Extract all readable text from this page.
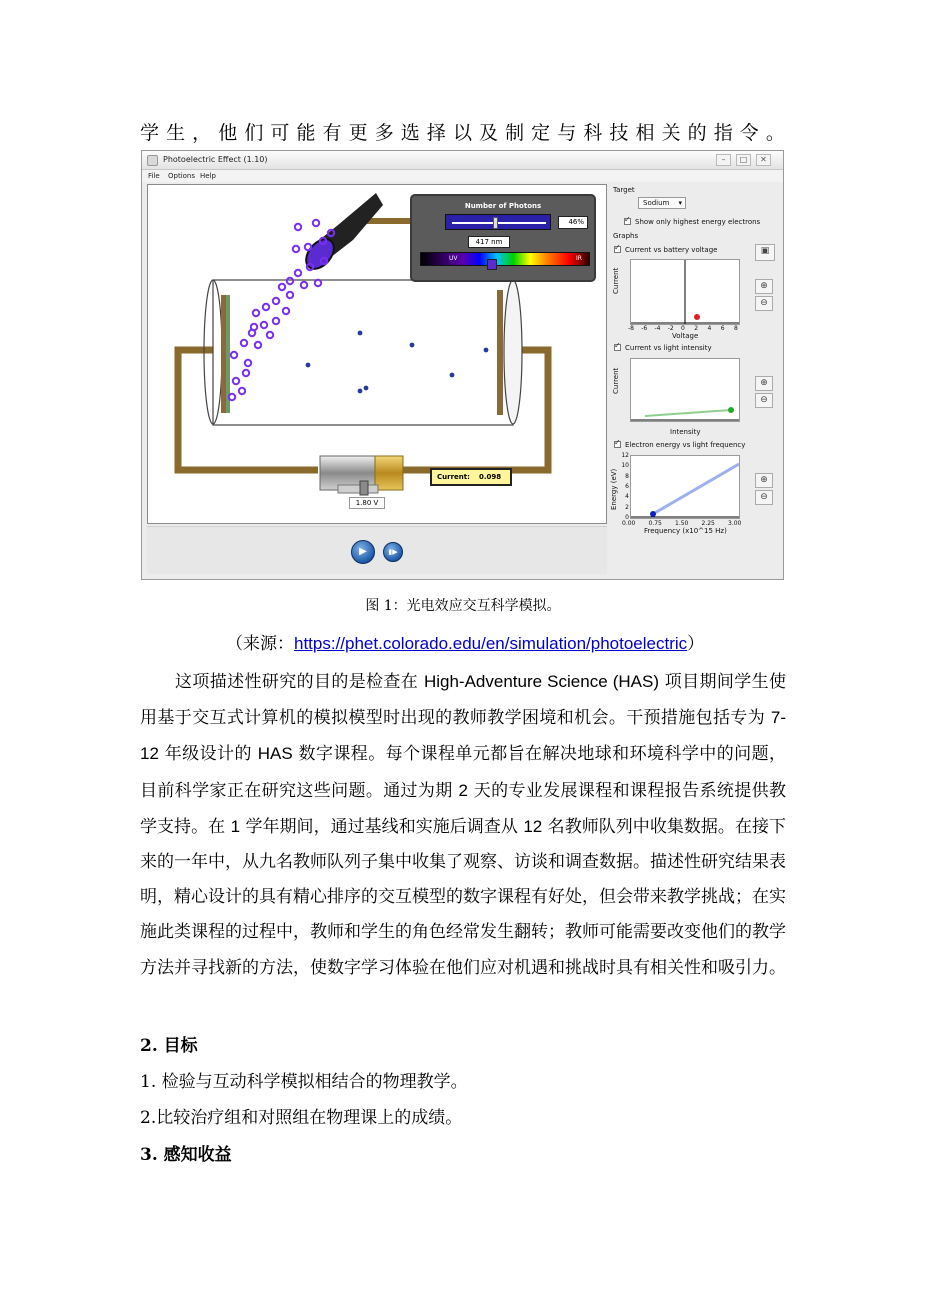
学 生 ， 他 们 可 能 有 更 多 选 择 以 及 制 定 与 科 技 相 关 的 指 令 。
Photoelectric Effect (1.10)	–	□	✕
File Options Help
Number of Photons
46%
417 nm
UV	IR
Current: 0.098
1.80 V
▶	▮▶
Target
Sodium ▾
✓
Show only highest energy electrons
Graphs
✓
Current vs battery voltage	▣
Current
-8 -6 -4 -2 0 2 4 6 8
Voltage
⊕
⊖
✓
Current vs light intensity
Current
Intensity
⊕
⊖
✓
Electron energy vs light frequency
12
10
8
6
4
2
0
Energy (eV)
0.00 0.75 1.50 2.25 3.00
Frequency (x10^15 Hz)
⊕
⊖
图 1：光电效应交互科学模拟。
（来源：https://phet.colorado.edu/en/simulation/photoelectric）
这项描述性研究的目的是检查在 High-Adventure Science (HAS) 项目期间学生使用基于交互式计算机的模拟模型时出现的教师教学困境和机会。干预措施包括专为 7-12 年级设计的 HAS 数字课程。每个课程单元都旨在解决地球和环境科学中的问题，目前科学家正在研究这些问题。通过为期 2 天的专业发展课程和课程报告系统提供教学支持。在 1 学年期间，通过基线和实施后调查从 12 名教师队列中收集数据。在接下来的一年中，从九名教师队列子集中收集了观察、访谈和调查数据。描述性研究结果表明，精心设计的具有精心排序的交互模型的数字课程有好处，但会带来教学挑战；在实施此类课程的过程中，教师和学生的角色经常发生翻转；教师可能需要改变他们的教学方法并寻找新的方法，使数字学习体验在他们应对机遇和挑战时具有相关性和吸引力。
2. 目标
1. 检验与互动科学模拟相结合的物理教学。
2.比较治疗组和对照组在物理课上的成绩。
3. 感知收益
